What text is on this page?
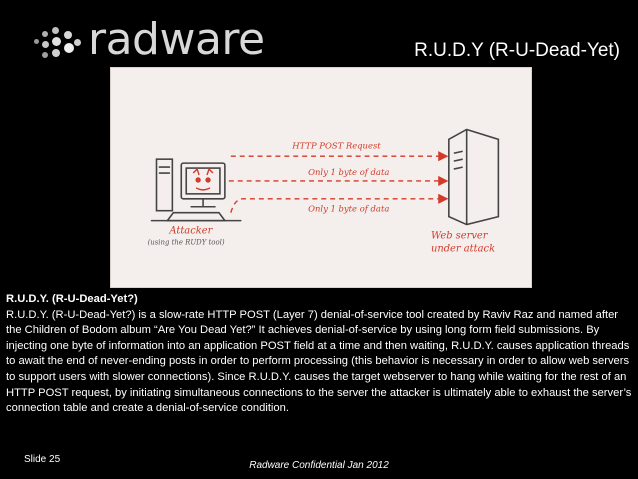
radware	R.U.D.Y (R-U-Dead-Yet)
HTTP POST Request
Only 1 byte of data
Only 1 byte of data
Attacker
(using the RUDY tool)
Web server
under attack
R.U.D.Y. (R-U-Dead-Yet?)
R.U.D.Y. (R-U-Dead-Yet?) is a slow-rate HTTP POST (Layer 7) denial-of-service tool created by Raviv Raz and named after the Children of Bodom album “Are You Dead Yet?” It achieves denial-of-service by using long form field submissions. By injecting one byte of information into an application POST field at a time and then waiting, R.U.D.Y. causes application threads to await the end of never-ending posts in order to perform processing (this behavior is necessary in order to allow web servers to support users with slower connections). Since R.U.D.Y. causes the target webserver to hang while waiting for the rest of an HTTP POST request, by initiating simultaneous connections to the server the attacker is ultimately able to exhaust the server’s connection table and create a denial-of-service condition.
Slide 25
Radware Confidential Jan 2012
